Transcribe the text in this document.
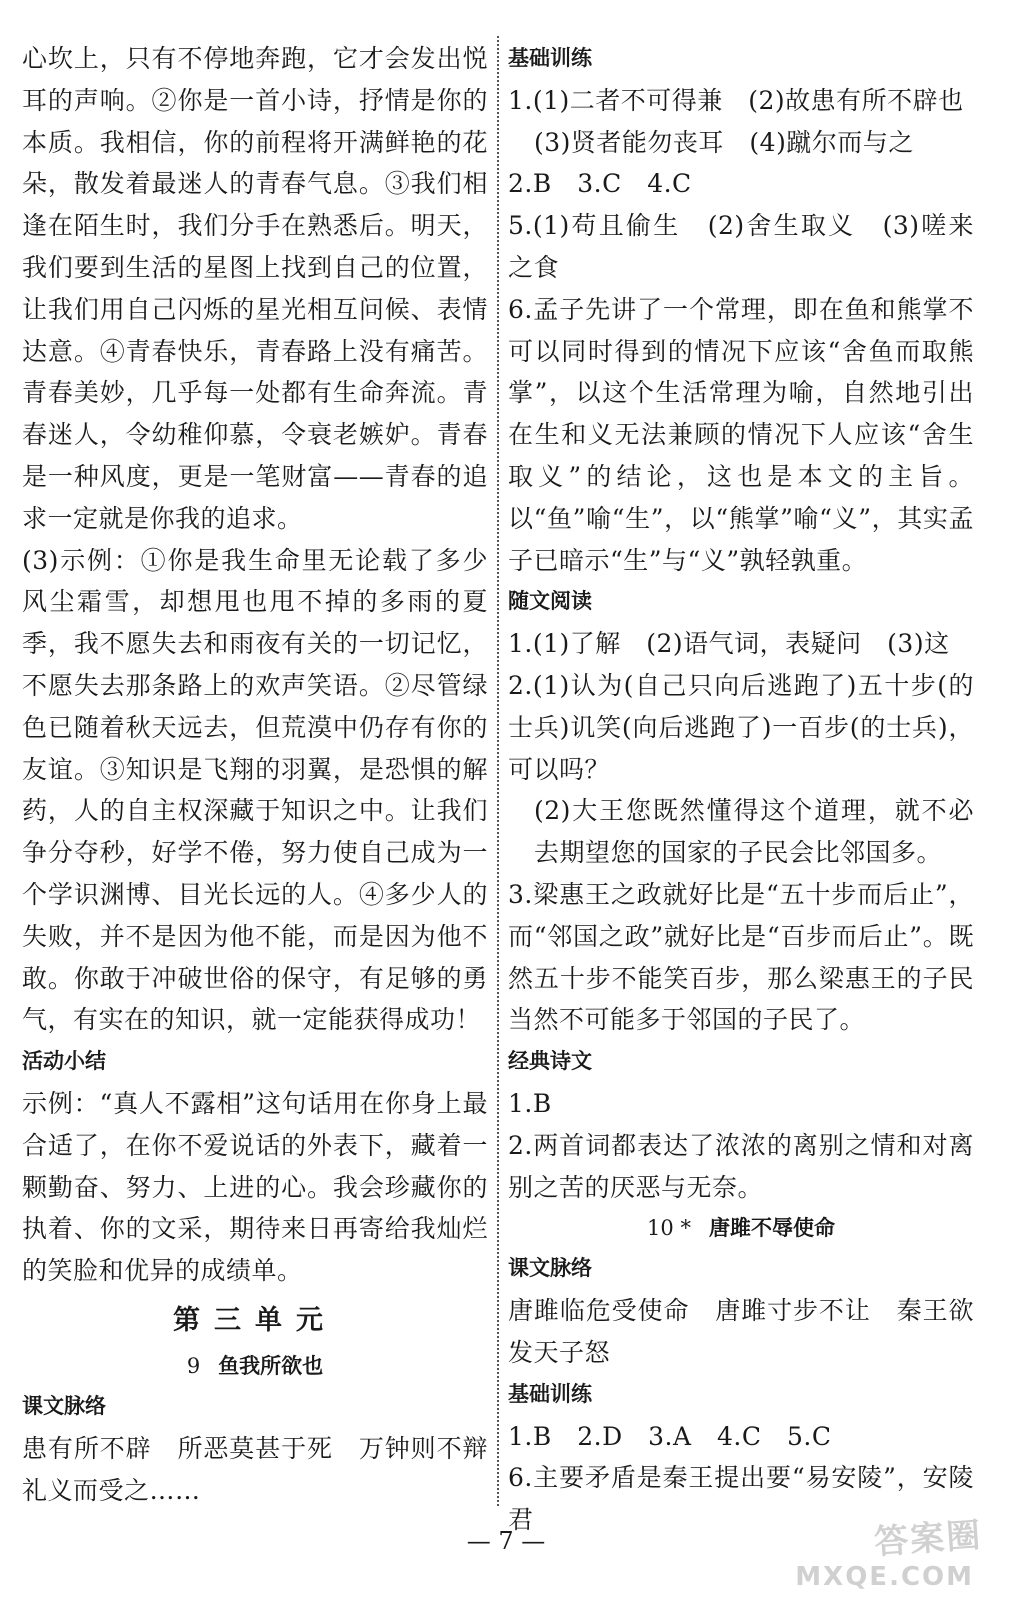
心坎上，只有不停地奔跑，它才会发出悦耳的声响。②你是一首小诗，抒情是你的本质。我相信，你的前程将开满鲜艳的花朵，散发着最迷人的青春气息。③我们相逢在陌生时，我们分手在熟悉后。明天，我们要到生活的星图上找到自己的位置，让我们用自己闪烁的星光相互问候、表情达意。④青春快乐，青春路上没有痛苦。青春美妙，几乎每一处都有生命奔流。青春迷人，令幼稚仰慕，令衰老嫉妒。青春是一种风度，更是一笔财富——青春的追求一定就是你我的追求。

(3)示例：①你是我生命里无论载了多少风尘霜雪，却想甩也甩不掉的多雨的夏季，我不愿失去和雨夜有关的一切记忆，不愿失去那条路上的欢声笑语。②尽管绿色已随着秋天远去，但荒漠中仍存有你的友谊。③知识是飞翔的羽翼，是恐惧的解药，人的自主权深藏于知识之中。让我们争分夺秒，好学不倦，努力使自己成为一个学识渊博、目光长远的人。④多少人的失败，并不是因为他不能，而是因为他不敢。你敢于冲破世俗的保守，有足够的勇气，有实在的知识，就一定能获得成功！

活动小结

示例：“真人不露相”这句话用在你身上最合适了，在你不爱说话的外表下，藏着一颗勤奋、努力、上进的心。我会珍藏你的执着、你的文采，期待来日再寄给我灿烂的笑脸和优异的成绩单。

第三单元

9 鱼我所欲也

课文脉络

患有所不辟　所恶莫甚于死　万钟则不辩礼义而受之……

基础训练

1.(1)二者不可得兼　(2)故患有所不辟也

(3)贤者能勿丧耳　(4)蹴尔而与之

2.B　3.C　4.C

5.(1)苟且偷生　(2)舍生取义　(3)嗟来之食

6.孟子先讲了一个常理，即在鱼和熊掌不可以同时得到的情况下应该“舍鱼而取熊掌”，以这个生活常理为喻，自然地引出在生和义无法兼顾的情况下人应该“舍生取义”的结论，这也是本文的主旨。以“鱼”喻“生”，以“熊掌”喻“义”，其实孟子已暗示“生”与“义”孰轻孰重。

随文阅读

1.(1)了解　(2)语气词，表疑问　(3)这

2.(1)认为(自己只向后逃跑了)五十步(的士兵)讥笑(向后逃跑了)一百步(的士兵)，可以吗？

(2)大王您既然懂得这个道理，就不必去期望您的国家的子民会比邻国多。

3.梁惠王之政就好比是“五十步而后止”，而“邻国之政”就好比是“百步而后止”。既然五十步不能笑百步，那么梁惠王的子民当然不可能多于邻国的子民了。

经典诗文

1.B

2.两首词都表达了浓浓的离别之情和对离别之苦的厌恶与无奈。

10 * 唐雎不辱使命

课文脉络

唐雎临危受使命　唐雎寸步不让　秦王欲发天子怒

基础训练

1.B　2.D　3.A　4.C　5.C

6.主要矛盾是秦王提出要“易安陵”，安陵君

— 7 —	答案圈
MXQE.COM
